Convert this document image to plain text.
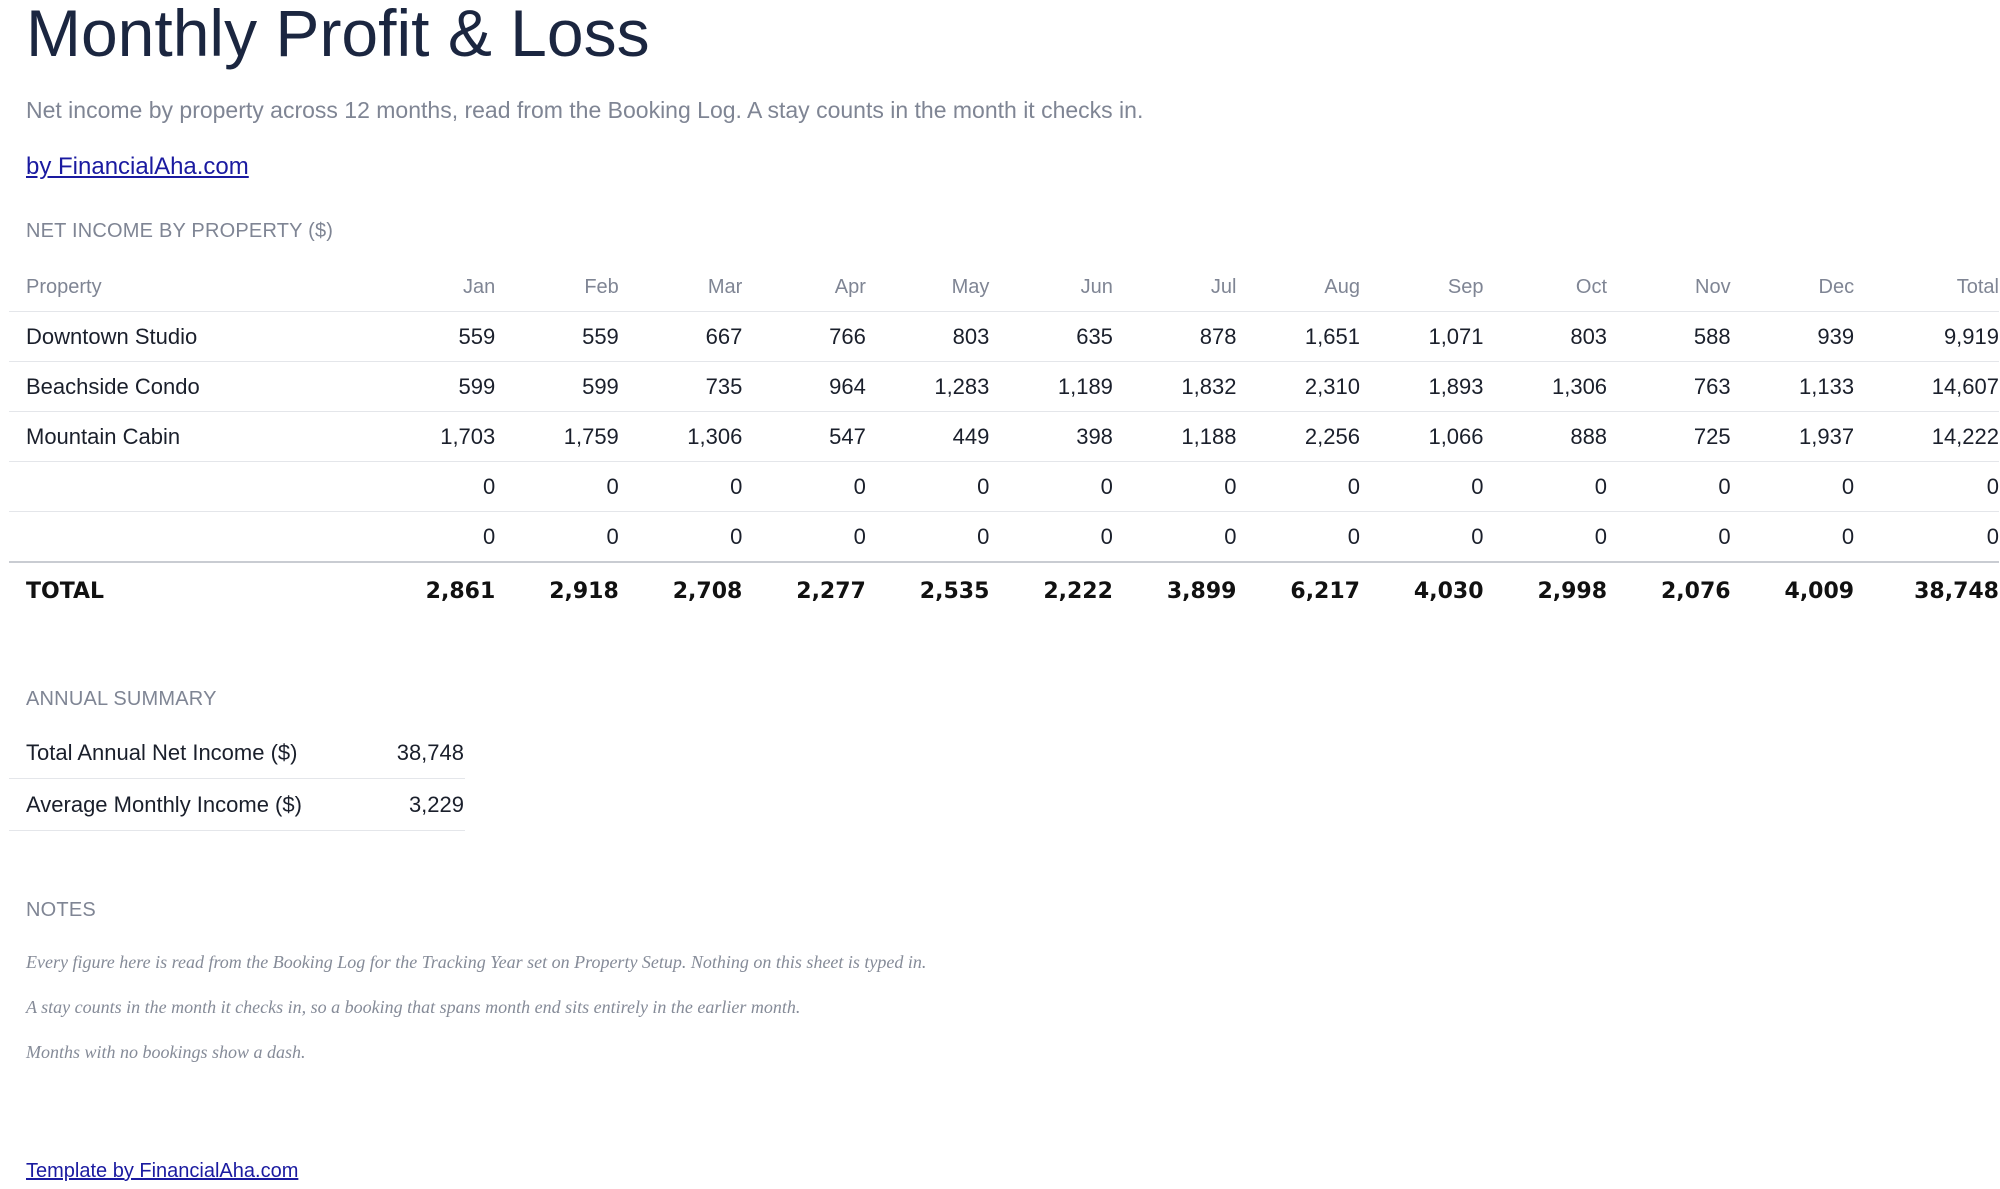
Monthly Profit & Loss
Net income by property across 12 months, read from the Booking Log. A stay counts in the month it checks in.
by FinancialAha.com
NET INCOME BY PROPERTY ($)
Property	Jan	Feb	Mar	Apr	May	Jun	Jul	Aug	Sep	Oct	Nov	Dec	Total
Downtown Studio	559	559	667	766	803	635	878	1,651	1,071	803	588	939	9,919
Beachside Condo	599	599	735	964	1,283	1,189	1,832	2,310	1,893	1,306	763	1,133	14,607
Mountain Cabin	1,703	1,759	1,306	547	449	398	1,188	2,256	1,066	888	725	1,937	14,222
	0	0	0	0	0	0	0	0	0	0	0	0	0
	0	0	0	0	0	0	0	0	0	0	0	0	0
TOTAL	2,861	2,918	2,708	2,277	2,535	2,222	3,899	6,217	4,030	2,998	2,076	4,009	38,748
ANNUAL SUMMARY
Total Annual Net Income ($)	38,748
Average Monthly Income ($)	3,229
NOTES
Every figure here is read from the Booking Log for the Tracking Year set on Property Setup. Nothing on this sheet is typed in.
A stay counts in the month it checks in, so a booking that spans month end sits entirely in the earlier month.
Months with no bookings show a dash.
Template by FinancialAha.com
